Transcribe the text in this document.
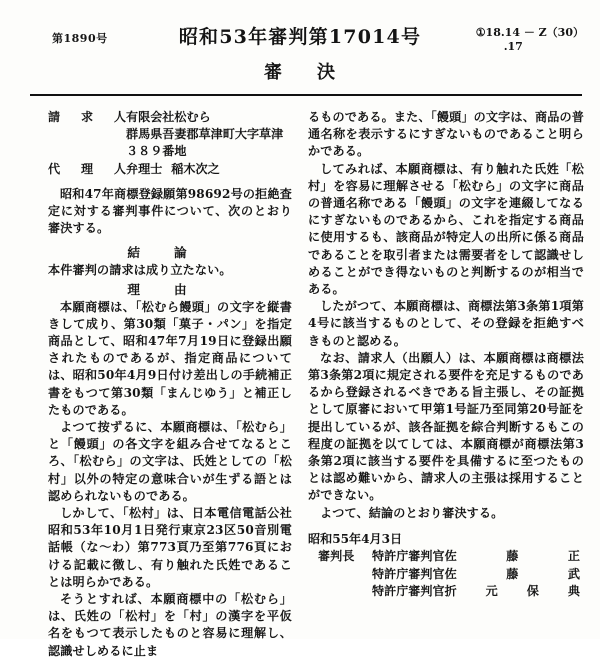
第1890号	昭和53年審判第17014号	①18.14 － Z（30）
.17
審 決
請 求 人 有限会社松むら
群馬県吾妻郡草津町大字草津
３８９番地
代 理 人 弁理士 稲木次之
昭和47年商標登録願第98692号の拒絶査定に対する審判事件について、次のとおり審決する。
結	論
本件審判の請求は成り立たない。
理	由
本願商標は、「松むら饅頭」の文字を縦書きして成り、第30類「菓子・パン」を指定商品として、昭和47年7月19日に登録出願されたものであるが、指定商品については、昭和50年4月9日付け差出しの手続補正書をもつて第30類「まんじゆう」と補正したものである。
よつて按ずるに、本願商標は、「松むら」と「饅頭」の各文字を組み合せてなるところ、「松むら」の文字は、氏姓としての「松村」以外の特定の意味合いが生ずる語とは認められないものである。
しかして、「松村」は、日本電信電話公社昭和53年10月1日発行東京23区50音別電話帳（な～わ）第773頁乃至第776頁における記載に徴し、有り触れた氏姓であることは明らかである。
そうとすれば、本願商標中の「松むら」は、氏姓の「松村」を「村」の漢字を平仮名をもつて表示したものと容易に理解し、認識せしめるに止ま
るものである。また、「饅頭」の文字は、商品の普通名称を表示するにすぎないものであること明らかである。
してみれば、本願商標は、有り触れた氏姓「松村」を容易に理解させる「松むら」の文字に商品の普通名称である「饅頭」の文字を連綴してなるにすぎないものであるから、これを指定する商品に使用するも、該商品が特定人の出所に係る商品であることを取引者または需要者をして認識せしめることができ得ないものと判断するのが相当である。
したがつて、本願商標は、商標法第3条第1項第4号に該当するものとして、その登録を拒絶すべきものと認める。
なお、請求人（出願人）は、本願商標は商標法第3条第2項に規定される要件を充足するものであるから登録されるべきである旨主張し、その証拠として原審において甲第1号証乃至同第20号証を提出しているが、該各証拠を綜合判断するもこの程度の証拠を以てしては、本願商標が商標法第3条第2項に該当する要件を具備するに至つたものとは認め難いから、請求人の主張は採用することができない。
よつて、結論のとおり審決する。
昭和55年4月3日
審判長	特許庁審判官 佐	藤	正
特許庁審判官 佐	藤	武
特許庁審判官 折 元 保 典
